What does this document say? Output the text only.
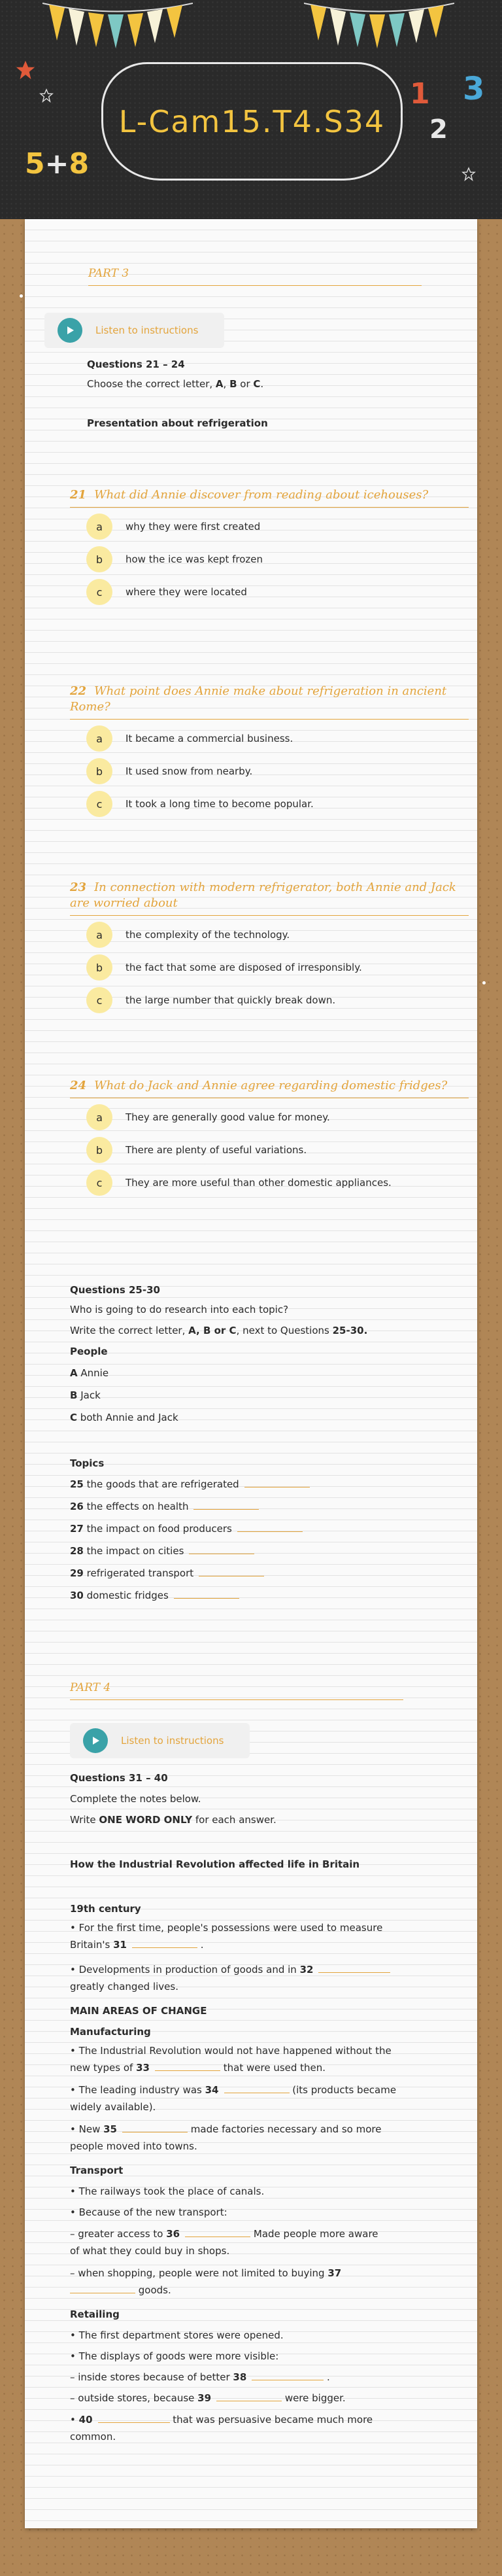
5+8
1
2
3
L-Cam15.T4.S34
PART 3
Listen to instructions
Questions 21 – 24
Choose the correct letter, A, B or C.
Presentation about refrigeration
21 What did Annie discover from reading about icehouses?
a	why they were first created
b	how the ice was kept frozen
c	where they were located
22 What point does Annie make about refrigeration in ancient Rome?
a	It became a commercial business.
b	It used snow from nearby.
c	It took a long time to become popular.
23 In connection with modern refrigerator, both Annie and Jack are worried about
a	the complexity of the technology.
b	the fact that some are disposed of irresponsibly.
c	the large number that quickly break down.
24 What do Jack and Annie agree regarding domestic fridges?
a	They are generally good value for money.
b	There are plenty of useful variations.
c	They are more useful than other domestic appliances.
Questions 25-30
Who is going to do research into each topic?
Write the correct letter, A, B or C, next to Questions 25-30.
People
A Annie
B Jack
C both Annie and Jack
Topics
25 the goods that are refrigerated
26 the effects on health
27 the impact on food producers
28 the impact on cities
29 refrigerated transport
30 domestic fridges
PART 4
Listen to instructions
Questions 31 – 40
Complete the notes below.
Write ONE WORD ONLY for each answer.
How the Industrial Revolution affected life in Britain
19th century
• For the first time, people's possessions were used to measure
Britain's 31	.
• Developments in production of goods and in 32
greatly changed lives.
MAIN AREAS OF CHANGE
Manufacturing
• The Industrial Revolution would not have happened without the
new types of 33	that were used then.
• The leading industry was 34	(its products became
widely available).
• New 35	made factories necessary and so more
people moved into towns.
Transport
• The railways took the place of canals.
• Because of the new transport:
– greater access to 36	Made people more aware
of what they could buy in shops.
– when shopping, people were not limited to buying 37
goods.
Retailing
• The first department stores were opened.
• The displays of goods were more visible:
– inside stores because of better 38	.
– outside stores, because 39	were bigger.
• 40	that was persuasive became much more
common.
